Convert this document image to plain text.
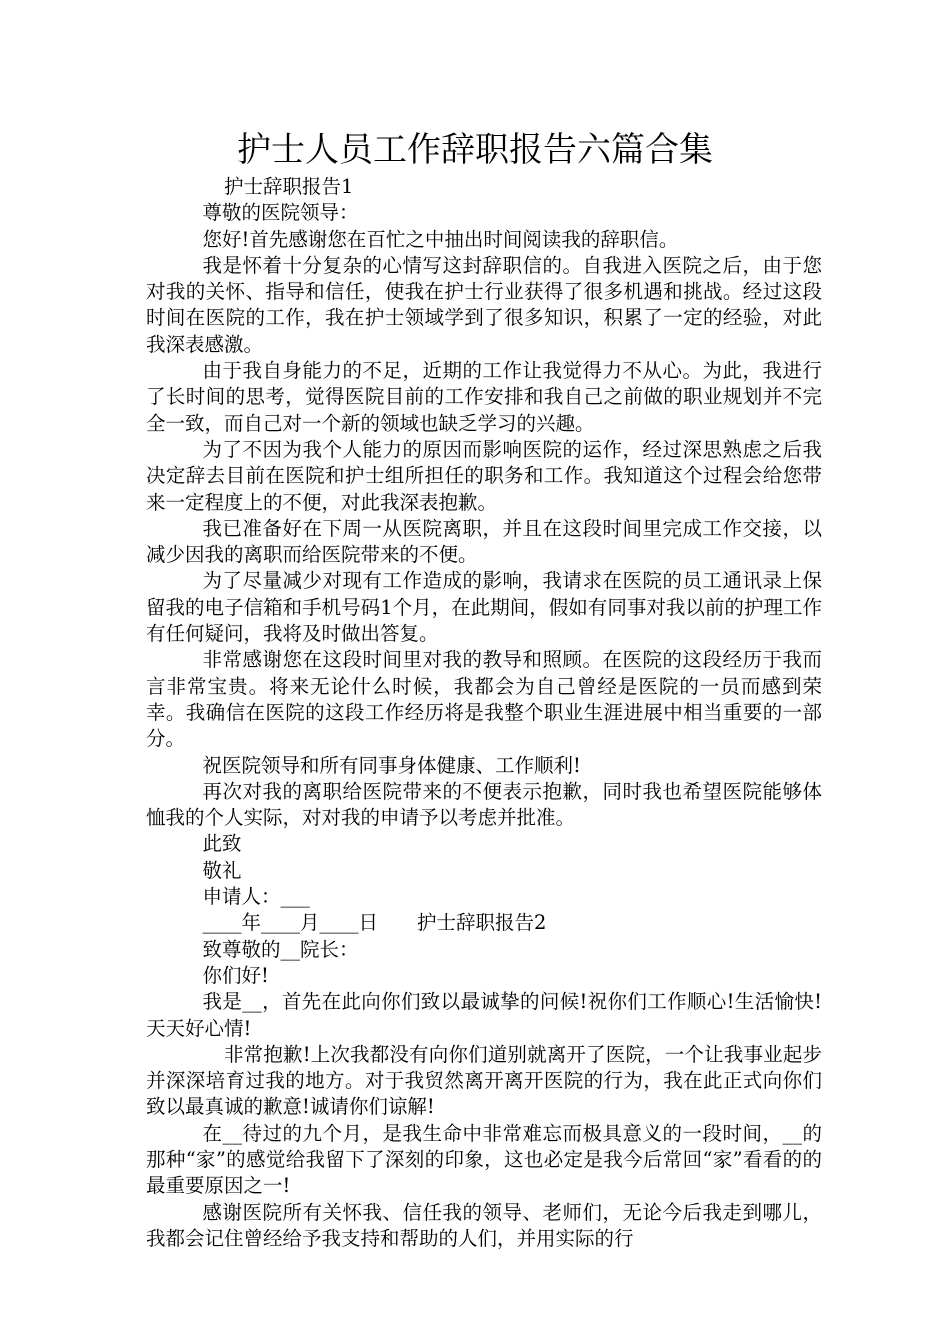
护士人员工作辞职报告六篇合集

护士辞职报告1

尊敬的医院领导：

您好!首先感谢您在百忙之中抽出时间阅读我的辞职信。

我是怀着十分复杂的心情写这封辞职信的。自我进入医院之后，由于您对我的关怀、指导和信任，使我在护士行业获得了很多机遇和挑战。经过这段时间在医院的工作，我在护士领域学到了很多知识，积累了一定的经验，对此我深表感激。

由于我自身能力的不足，近期的工作让我觉得力不从心。为此，我进行了长时间的思考，觉得医院目前的工作安排和我自己之前做的职业规划并不完全一致，而自己对一个新的领域也缺乏学习的兴趣。

为了不因为我个人能力的原因而影响医院的运作，经过深思熟虑之后我决定辞去目前在医院和护士组所担任的职务和工作。我知道这个过程会给您带来一定程度上的不便，对此我深表抱歉。

我已准备好在下周一从医院离职，并且在这段时间里完成工作交接，以减少因我的离职而给医院带来的不便。

为了尽量减少对现有工作造成的影响，我请求在医院的员工通讯录上保留我的电子信箱和手机号码1个月，在此期间，假如有同事对我以前的护理工作有任何疑问，我将及时做出答复。

非常感谢您在这段时间里对我的教导和照顾。在医院的这段经历于我而言非常宝贵。将来无论什么时候，我都会为自己曾经是医院的一员而感到荣幸。我确信在医院的这段工作经历将是我整个职业生涯进展中相当重要的一部分。

祝医院领导和所有同事身体健康、工作顺利!

再次对我的离职给医院带来的不便表示抱歉，同时我也希望医院能够体恤我的个人实际，对对我的申请予以考虑并批准。

此致

敬礼

申请人：___

____年____月____日　　护士辞职报告2

致尊敬的__院长：

你们好!

我是__，首先在此向你们致以最诚挚的问候!祝你们工作顺心!生活愉快!天天好心情!

非常抱歉!上次我都没有向你们道别就离开了医院，一个让我事业起步并深深培育过我的地方。对于我贸然离开离开医院的行为，我在此正式向你们致以最真诚的歉意!诚请你们谅解!

在__待过的九个月，是我生命中非常难忘而极具意义的一段时间，__的那种“家”的感觉给我留下了深刻的印象，这也必定是我今后常回“家”看看的的最重要原因之一!

感谢医院所有关怀我、信任我的领导、老师们，无论今后我走到哪儿，我都会记住曾经给予我支持和帮助的人们，并用实际的行
